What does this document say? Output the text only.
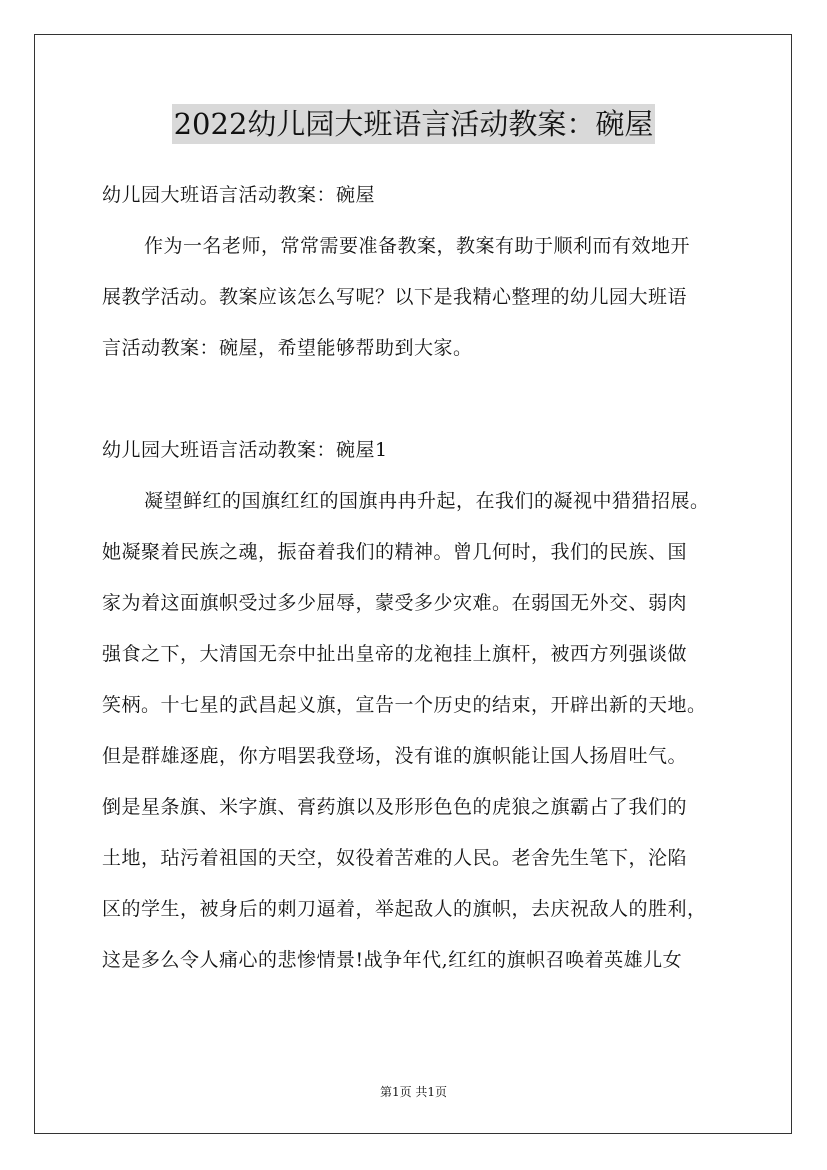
2022幼儿园大班语言活动教案：碗屋
幼儿园大班语言活动教案：碗屋
作为一名老师，常常需要准备教案，教案有助于顺利而有效地开
展教学活动。教案应该怎么写呢？以下是我精心整理的幼儿园大班语
言活动教案：碗屋，希望能够帮助到大家。
幼儿园大班语言活动教案：碗屋1
凝望鲜红的国旗红红的国旗冉冉升起，在我们的凝视中猎猎招展。
她凝聚着民族之魂，振奋着我们的精神。曾几何时，我们的民族、国
家为着这面旗帜受过多少屈辱，蒙受多少灾难。在弱国无外交、弱肉
强食之下，大清国无奈中扯出皇帝的龙袍挂上旗杆，被西方列强谈做
笑柄。十七星的武昌起义旗，宣告一个历史的结束，开辟出新的天地。
但是群雄逐鹿，你方唱罢我登场，没有谁的旗帜能让国人扬眉吐气。
倒是星条旗、米字旗、膏药旗以及形形色色的虎狼之旗霸占了我们的
土地，玷污着祖国的天空，奴役着苦难的人民。老舍先生笔下，沦陷
区的学生，被身后的刺刀逼着，举起敌人的旗帜，去庆祝敌人的胜利，
这是多么令人痛心的悲惨情景!战争年代,红红的旗帜召唤着英雄儿女
第1页 共1页
